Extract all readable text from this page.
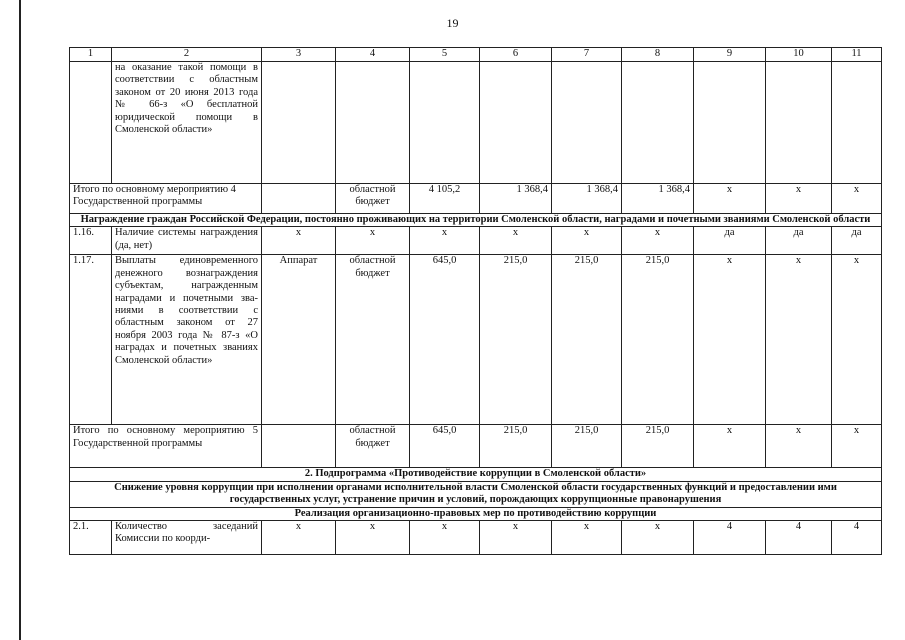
19
1	2	3	4	5	6	7	8	9	10	11
	на оказание такой помощи в соответствии с областным законом от 20 июня 2013 года № 66-з «О бесплатной юридической помощи в Смоленской области»									
Итого по основному мероприятию 4 Государственной программы			областной бюджет	4 105,2	1 368,4	1 368,4	1 368,4	х	х	х
Награждение граждан Российской Федерации, постоянно проживающих на территории Смоленской области, наградами и почетными званиями Смоленской области										
1.16.	Наличие системы награждения (да, нет)	х	х	х	х	х	х	да	да	да
1.17.	Выплаты единовременного денежного вознаграждения субъектам, награжденным наградами и почетными званиями в соответствии с областным законом от 27 ноября 2003 года № 87-з «О наградах и почетных званиях Смоленской области»	Аппарат	областной бюджет	645,0	215,0	215,0	215,0	х	х	х
Итого по основному мероприятию 5 Государственной программы			областной бюджет	645,0	215,0	215,0	215,0	х	х	х
2. Подпрограмма «Противодействие коррупции в Смоленской области»										
Снижение уровня коррупции при исполнении органами исполнительной власти Смоленской области государственных функций и предоставлении ими государственных услуг, устранение причин и условий, порождающих коррупционные правонарушения										
Реализация организационно-правовых мер по противодействию коррупции										
2.1.	Количество заседаний Комиссии по коорди-	х	х	х	х	х	х	4	4	4
